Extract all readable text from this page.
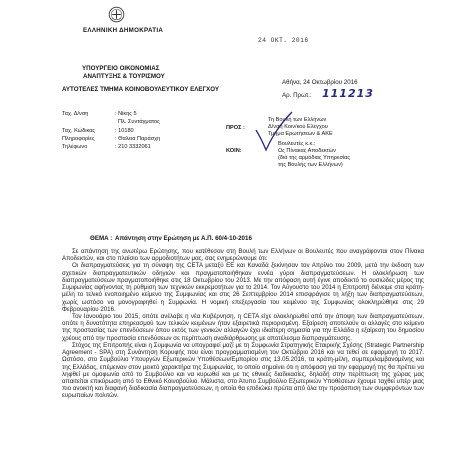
ΕΛΛΗΝΙΚΗ ΔΗΜΟΚΡΑΤΙΑ
ΥΠΟΥΡΓΕΙΟ ΟΙΚΟΝΟΜΙΑΣ
ΑΝΑΠΤΥΞΗΣ & ΤΟΥΡΙΣΜΟΥ
ΑΥΤΟΤΕΛΕΣ ΤΜΗΜΑ ΚΟΙΝΟΒΟΥΛΕΥΤΙΚΟΥ ΕΛΕΓΧΟΥ
24 ΟΚΤ. 2016
Αθήνα, 24 Οκτωβρίου 2016
Αρ. Πρωτ.: 111213
Ταχ. Δ/νση	: Νίκης 5
Πλ. Συντάγματος
Ταχ. Κώδικας	: 10180
Πληροφορίες	: Θαλεια Παράσχη
Τηλέφωνο	: 210 3332061
ΠΡΟΣ :
Τη Βουλή των Ελλήνων
Δ/νση Κοιν/κού Ελέγχου
Τμήμα Ερωτήσεων & ΑΚΕ
ΚΟΙΝ:
Βουλευτές κ.κ.:
Ως Πίνακας Αποδεκτών
(διά της αρμόδιας Υπηρεσίας
της Βουλής των Ελλήνων)
ΘΕΜΑ : Απάντηση στην Ερώτηση με Α.Π. 60/4-10-2016

Σε απάντηση της ανωτέρω Ερώτησης, που κατέθεσαν στη Βουλή των Ελλήνων οι Βουλευτές που αναγράφονται στον Πίνακα Αποδεκτών, και στο πλαίσιο των αρμοδιοτήτων μας, σας ενημερώνουμε ότι:

Οι διαπραγματεύσεις για τη σύναψη της CETA μεταξύ ΕΕ και Καναδά ξεκίνησαν τον Απρίλιο του 2009, μετά την έκδοση των σχετικών διαπραγματευτικών οδηγιών και πραγματοποιήθηκαν εννέα γύροι διαπραγματεύσεων. Η ολοκλήρωση των διαπραγματεύσεων πραγματοποιήθηκε στις 18 Οκτωβρίου του 2013. Με την απόφαση αυτή έγινε αποδεκτό το ουσιώδες μέρος της Συμφωνίας αφήνοντας τη ρύθμιση των τεχνικών εκκρεμοτήτων για το 2014. Τον Αύγουστο του 2014 η Επιτροπή διένειμε στα κράτη-μέλη το τελικό ενοποιημένο κείμενο της Συμφωνίας και στις 26 Σεπτεμβρίου 2014 επισφράγισε τη λήξη των διαπραγματεύσεων, χωρίς ωστόσο να μονογραφηθεί η Συμφωνία. Η νομική επεξεργασία του κειμένου της Συμφωνίας ολοκληρώθηκε στις 29 Φεβρουαρίου 2016.

Τον Ιανουάριο του 2015, οπότε ανέλαβε η νέα Κυβέρνηση, η CETA είχε ολοκληρωθεί από την άποψη των διαπραγματεύσεων, οπότε η δυνατότητα επηρεασμού των τελικών κειμένων ήταν εξαιρετικά περιορισμένη. Εξαίρεση αποτελούν οι αλλαγές στο κείμενο της προστασίας των επενδύσεων όπου εκτός των γενικών αλλαγών έχει ιδιαίτερη σημασία για την Ελλάδα η εξαίρεση του δημοσίου χρέους από την προστασία επενδύσεων σε περίπτωση αναδιάρθρωσης με αποτέλεσμα διαπραγμάτευσης.

Στόχος της Επιτροπής είναι η Συμφωνία να υπογραφεί μαζί με τη Συμφωνία Στρατηγικής Εταιρικής Σχέσης (Strategic Partnership Agreement - SPA) στη Συνάντηση Κορυφής που είναι προγραμματισμένη τον Οκτώβριο 2016 και να τεθεί σε εφαρμογή το 2017. Ωστόσο, στο Συμβούλιο Υπουργών Εξωτερικών Υποθέσεων/Εμπορίου στις 13.05.2016, τα κράτη-μέλη, συμπεριλαμβανομένης και της Ελλάδας, επέμειναν στον μεικτό χαρακτήρα της Συμφωνίας, το οποίο σημαίνει ότι η απόφαση για την εφαρμογή της θα πρέπει να ληφθεί με ομοφωνία από το Συμβούλιο και να κυρωθεί και με τις εθνικές διαδικασίες, δηλαδή στην περίπτωση της χώρας μας απαιτείται επικύρωση από το Εθνικό Κοινοβούλιο. Μάλιστα, στο Άτυπο Συμβούλιο Εξωτερικών Υποθέσεων έχουμε ταχθεί υπέρ μιας πιο ανοικτή και διαφανή διαδικασία διαπραγματεύσεων, η οποία θα επιδιώκει πρώτα από όλα την προάσπιση των συμφερόντων των ευρωπαίων πολιτών.
